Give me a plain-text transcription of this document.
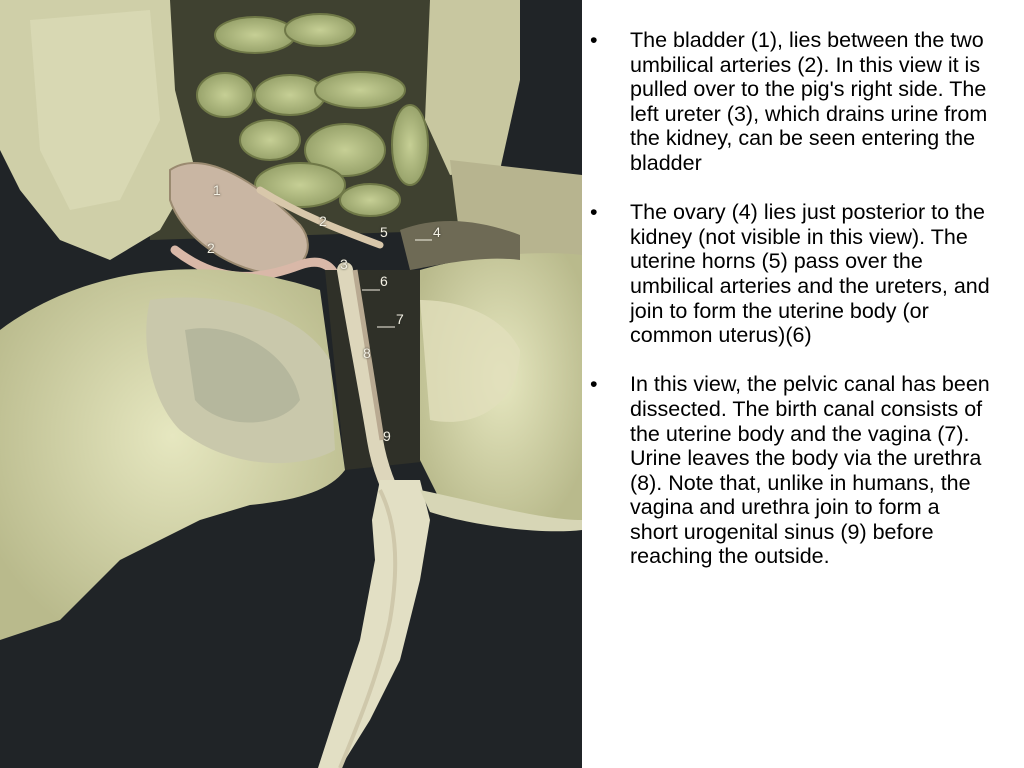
1
2
2
3
4
5
6
7
8
9
• The bladder (1), lies between the two umbilical arteries (2). In this view it is pulled over to the pig's right side. The left ureter (3), which drains urine from the kidney, can be seen entering the bladder
• The ovary (4) lies just posterior to the kidney (not visible in this view). The uterine horns (5) pass over the umbilical arteries and the ureters, and join to form the uterine body (or common uterus)(6)
• In this view, the pelvic canal has been dissected. The birth canal consists of the uterine body and the vagina (7). Urine leaves the body via the urethra (8). Note that, unlike in humans, the vagina and urethra join to form a short urogenital sinus (9) before reaching the outside.
